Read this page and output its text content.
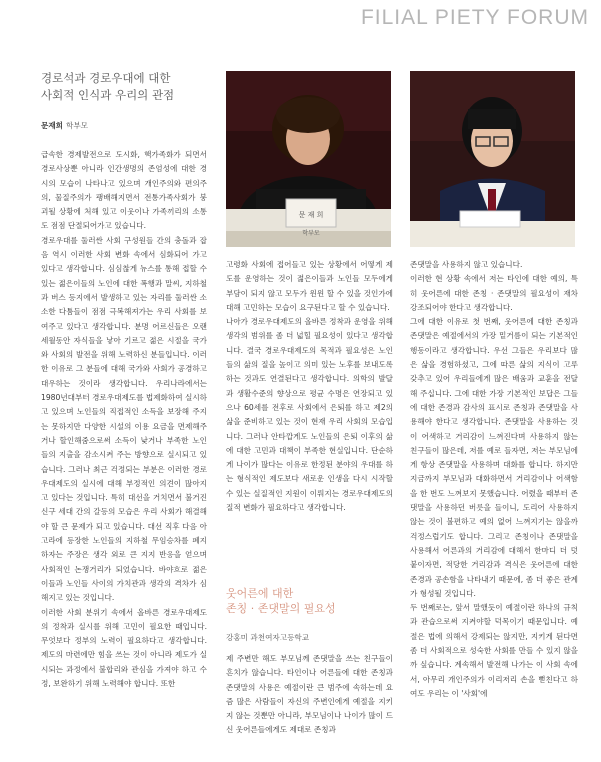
FILIAL PIETY FORUM
경로석과 경로우대에 대한
사회적 인식과 우리의 관점
문재희 학부모

급속한 경제발전으로 도시화, 핵가족화가 되면서 경로사상뿐 아니라 인간생명의 존엄성에 대한 경시의 모습이 나타나고 있으며 개인주의와 편의주의, 물질주의가 팽배해지면서 전통가족사회가 붕괴될 상황에 처해 있고 이웃이나 가족끼리의 소통도 점점 단절되어가고 있습니다.
경로우대를 둘러싼 사회 구성원들 간의 충돌과 잡음 역시 이러한 사회 변화 속에서 심화되어 가고 있다고 생각합니다. 심심찮게 뉴스를 통해 접할 수 있는 젊은이들의 노인에 대한 폭행과 말씨, 지하철과 버스 등지에서 발생하고 있는 자리를 둘러싼 소소한 다툼들이 점점 극복해져가는 우리 사회를 보여주고 있다고 생각합니다. 분명 어르신들은 오랜 세월동안 자식들을 낳아 기르고 젊은 시절을 국가와 사회의 발전을 위해 노력하신 분들입니다. 이러한 이유로 그 분들에 대해 국가와 사회가 공경하고 대우하는 것이라 생각합니다. 우리나라에서는 1980년대부터 경로우대제도를 법제화하여 실시하고 있으며 노인들의 직접적인 소득을 보장해 주지는 못하지만 다양한 시설의 이용 요금을 면제해주거나 할인해줌으로써 소득이 낮거나 부족한 노인들의 지출을 감소시켜 주는 방향으로 실시되고 있습니다. 그러나 최근 걱정되는 부분은 이러한 경로우대제도의 실시에 대해 부정적인 의견이 많아지고 있다는 것입니다. 특히 대선을 거치면서 불거진 신구 세대 간의 갈등의 모습은 우리 사회가 해결해야 할 큰 문제가 되고 있습니다. 대선 직후 다음 아고라에 등장한 노인들의 지하철 무임승차를 폐지하자는 주장은 생각 외로 큰 지지 반응을 얻으며 사회적인 논쟁거리가 되었습니다. 바야흐로 젊은이들과 노인들 사이의 가치관과 생각의 격차가 심해지고 있는 것입니다.
이러한 사회 분위기 속에서 올바른 경로우대제도의 정착과 실시를 위해 고민이 필요한 때입니다. 무엇보다 정부의 노력이 필요하다고 생각합니다. 제도의 마련에만 힘을 쓰는 것이 아니라 제도가 실시되는 과정에서 불합리와 관심을 가져야 하고 수정, 보완하기 위해 노력해야 합니다. 또한

문 재 희
학부모

고령화 사회에 접어들고 있는 상황에서 어떻게 제도를 운영하는 것이 젊은이들과 노인들 모두에게 부담이 되지 않고 모두가 윈윈 할 수 있을 것인가에 대해 고민하는 모습이 요구된다고 할 수 있습니다.
나아가 경로우대제도의 올바른 정착과 운영을 위해 생각의 범위를 좀 더 넓힐 필요성이 있다고 생각합니다. 결국 경로우대제도의 목적과 필요성은 노인들의 삶의 질을 높이고 의미 있는 노후를 보내도록 하는 것과도 연결된다고 생각합니다. 의학의 발달과 생활수준의 향상으로 평균 수명은 연장되고 있으나 60세를 전후로 사회에서 은퇴를 하고 제2의 삶을 준비하고 있는 것이 현재 우리 사회의 모습입니다. 그러나 안타깝게도 노인들의 은퇴 이후의 삶에 대한 고민과 대책이 부족한 현실입니다. 단순하게 나이가 많다는 이유로 한정된 분야의 우대를 하는 형식적인 제도보다 새로운 인생을 다시 시작할 수 있는 실질적인 지원이 이뤄지는 경로우대제도의 질적 변화가 필요하다고 생각합니다.

웃어른에 대한
존칭 · 존댓말의 필요성
강홍미 과천여자고등학교
제 주변만 해도 부모님께 존댓말을 쓰는 친구들이 흔치가 않습니다. 타인이나 어른들에 대한 존칭과 존댓말의 사용은 예절이란 큰 범주에 속하는데 요즘 많은 사람들이 자신의 주변인에게 예절을 지키지 않는 것뿐만 아니라, 부모님이나 나이가 많이 드신 웃어른들에게도 제대로 존칭과

존댓말을 사용하지 않고 있습니다.
이러한 현 상황 속에서 저는 타인에 대한 예의, 특히 웃어른에 대한 존칭 · 존댓말의 필요성이 재차 강조되어야 한다고 생각합니다.
그에 대한 이유로 첫 번째, 웃어른에 대한 존칭과 존댓말은 예절에서의 가장 밑거름이 되는 기본적인 행동이라고 생각합니다. 우선 그들은 우리보다 많은 삶을 경험하셨고, 그에 따른 삶의 지식이 고루 갖추고 있어 우리들에게 많은 배움과 교훈을 전달해 주십니다. 그에 대한 가장 기본적인 보답은 그들에 대한 존경과 감사의 표시로 존칭과 존댓말을 사용해야 한다고 생각합니다. 존댓말을 사용하는 것이 어색하고 거리감이 느껴진다며 사용하지 않는 친구들이 많은데, 저를 예로 들자면, 저는 부모님에게 항상 존댓말을 사용하며 대화를 합니다. 하지만 지금까지 부모님과 대화하면서 거리감이나 어색함을 한 번도 느껴보지 못했습니다. 어렸을 때부터 존댓말을 사용하던 버릇을 들이니, 도리어 사용하지 않는 것이 불편하고 예의 없어 느껴지기는 않을까 걱정스럽기도 합니다. 그리고 존칭이나 존댓말을 사용해서 어른과의 거리감에 대해서 한마디 더 덧붙이자면, 적당한 거리감과 격식은 웃어른에 대한 존경과 공손함을 나타내기 때문에, 좀 더 좋은 관계가 형성될 것입니다.
두 번째로는, 앞서 말했듯이 예절이란 하나의 규칙과 관습으로써 지켜야할 덕목이기 때문입니다. 예절은 법에 의해서 강제되는 않지만, 지키게 된다면 좀 더 사회적으로 성숙한 사회를 만들 수 있지 않을까 싶습니다. 계속해서 발전해 나가는 이 사회 속에서, 아무리 개인주의가 이리저리 손을 뻗친다고 하여도 우리는 이 '사회'에
